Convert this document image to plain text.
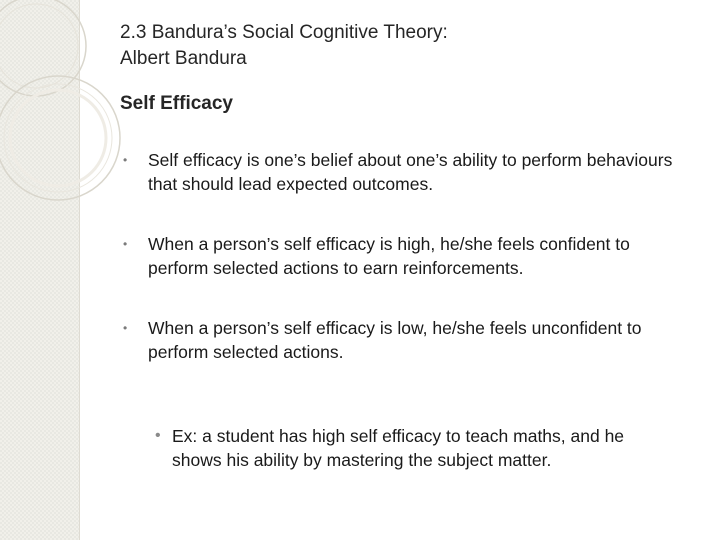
2.3 Bandura’s Social Cognitive Theory:
Albert Bandura
Self Efficacy
• Self efficacy is one’s belief about one’s ability to perform behaviours that should lead expected outcomes.
• When a person’s self efficacy is high, he/she feels confident to perform selected actions to earn reinforcements.
• When a person’s self efficacy is low, he/she feels unconfident to perform selected actions.
• Ex: a student has high self efficacy to teach maths, and he shows his ability by mastering the subject matter.
